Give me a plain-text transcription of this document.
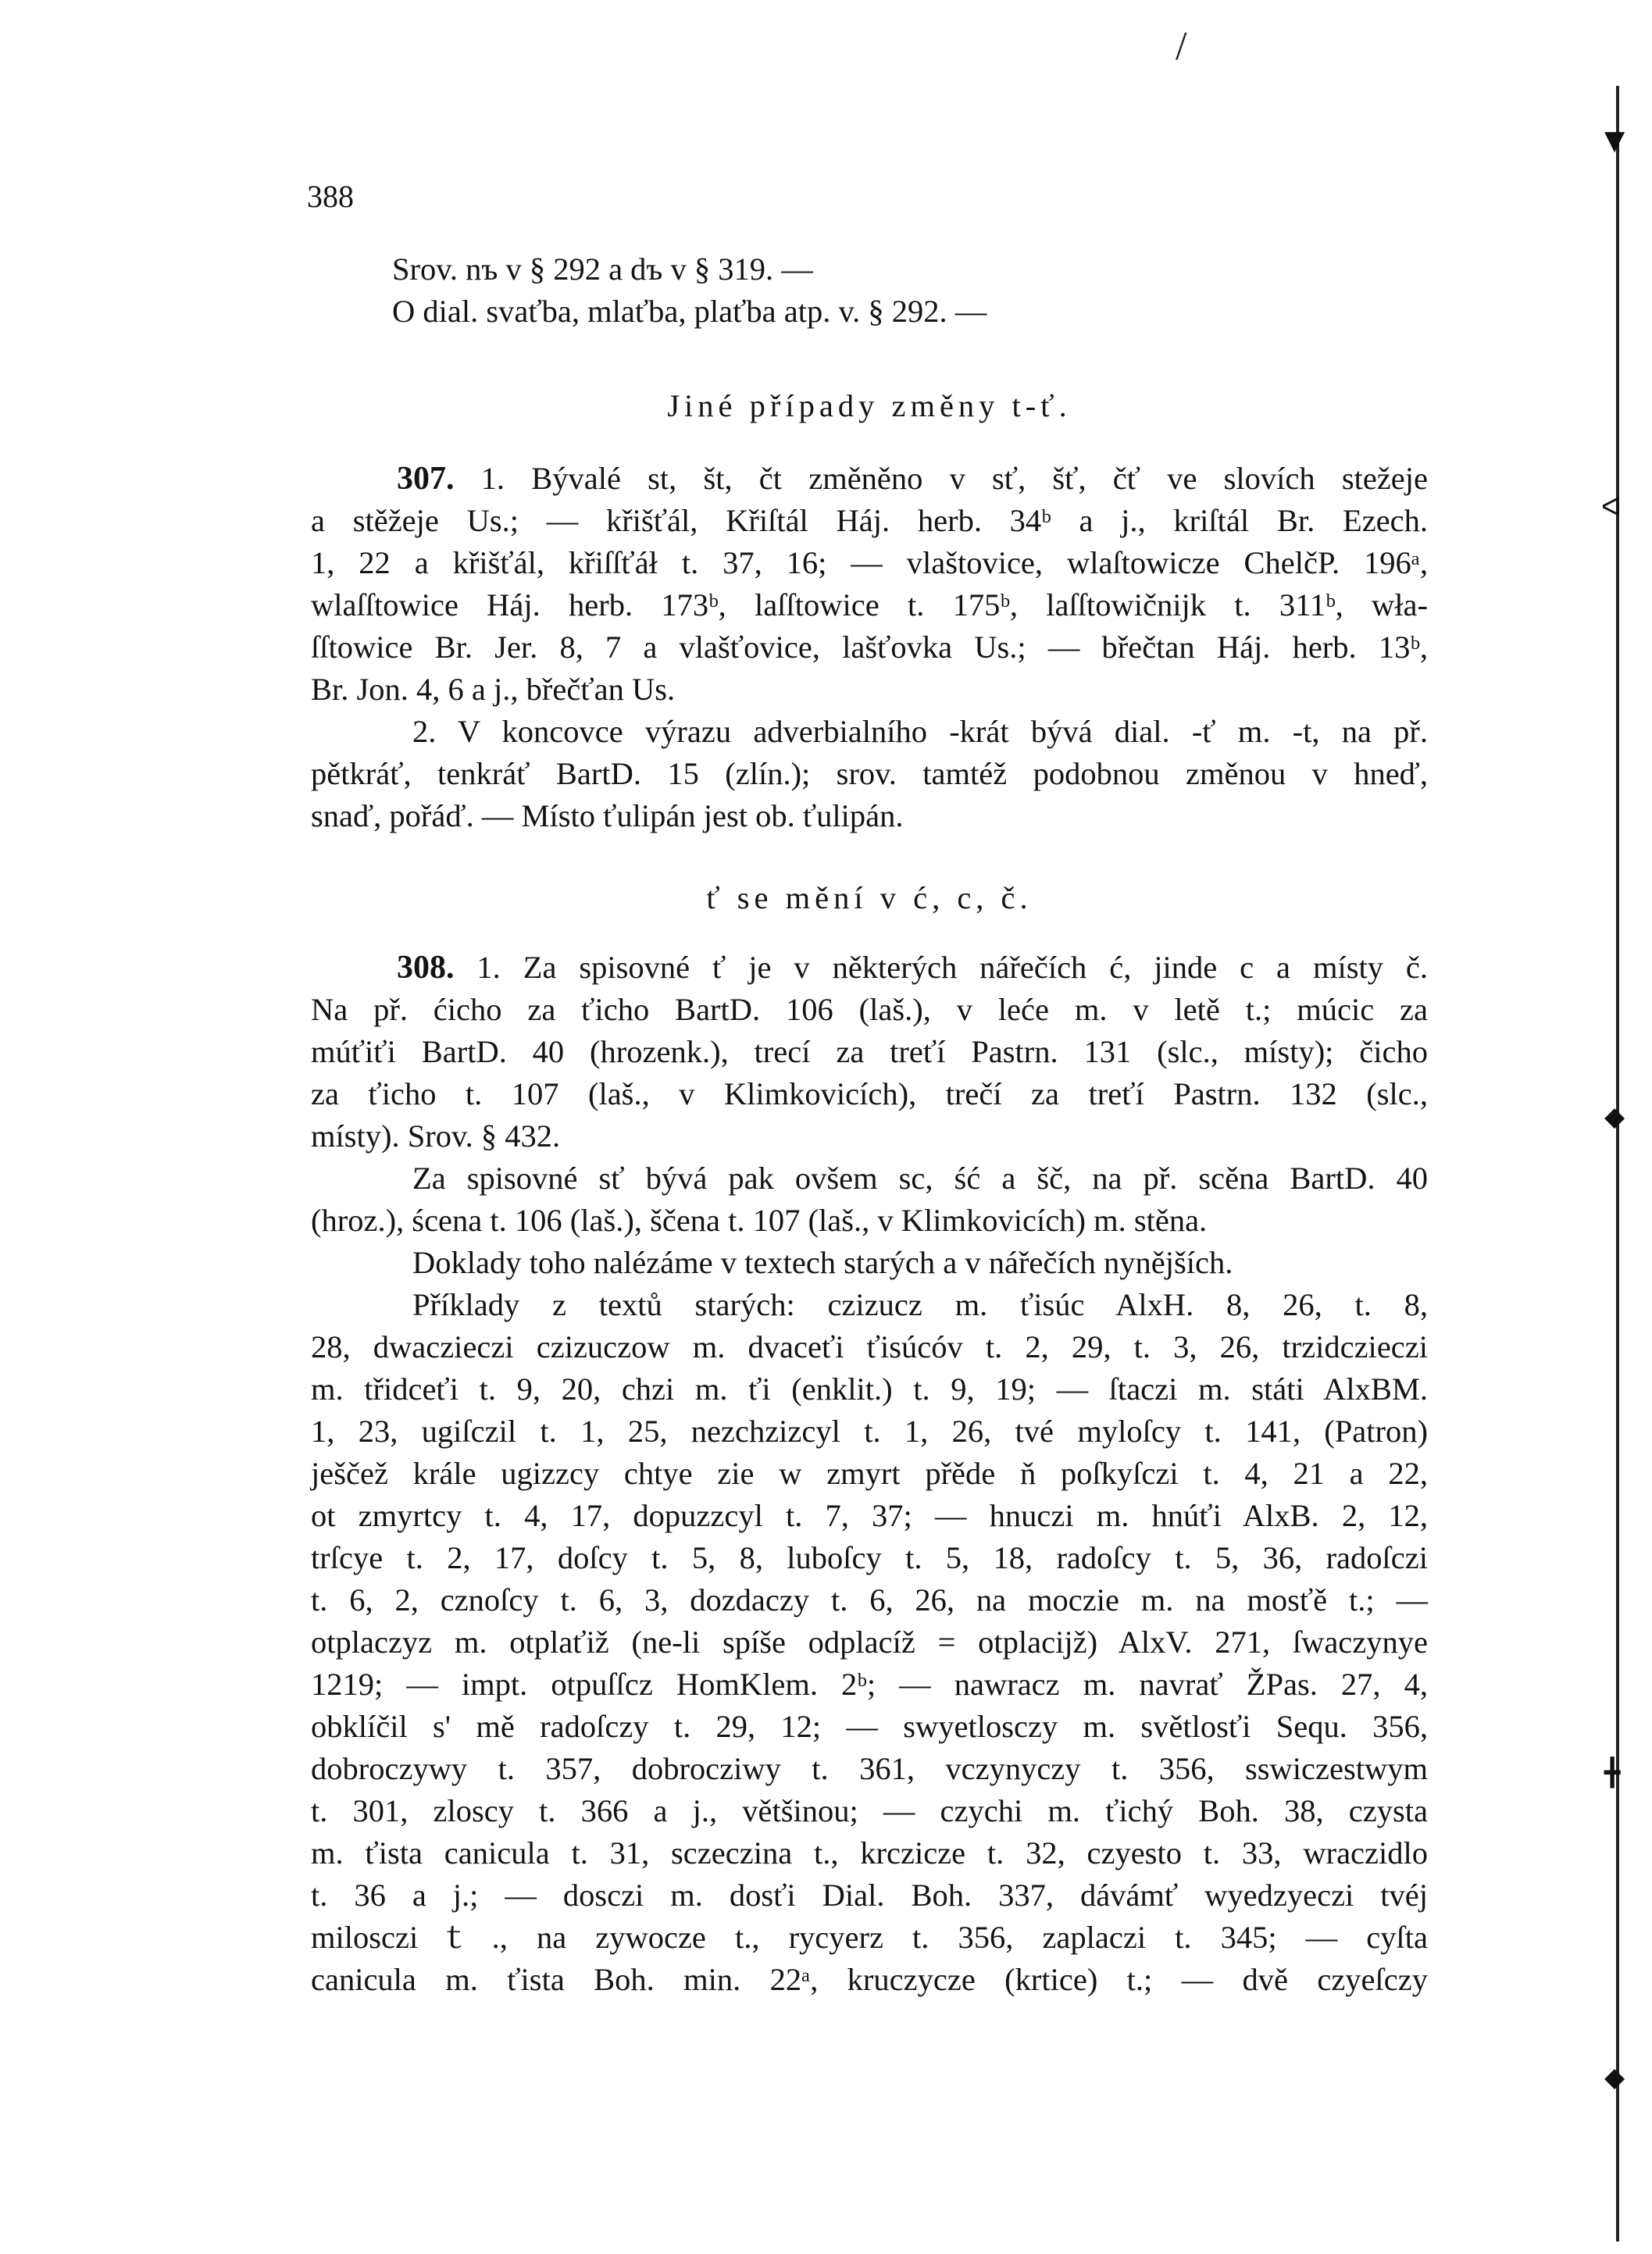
388
Srov. nъ v § 292 a dъ v § 319. —
O dial. svaťba, mlaťba, plaťba atp. v. § 292. —
Jiné případy změny t-ť.
307. 1. Bývalé st, št, čt změněno v sť, šť, čť ve slovích stežeje
a stěžeje Us.; — křišťál, Křiſtál Háj. herb. 34ᵇ a j., kriſtál Br. Ezech.
1, 22 a křišťál, křiſſťáł t. 37, 16; — vlaštovice, wlaſtowicze ChelčP. 196ᵃ,
wlaſſtowice Háj. herb. 173ᵇ, laſſtowice t. 175ᵇ, laſſtowičnijk t. 311ᵇ, wła-
ſſtowice Br. Jer. 8, 7 a vlašťovice, lašťovka Us.; — břečtan Háj. herb. 13ᵇ,
Br. Jon. 4, 6 a j., břečťan Us.
2. V koncovce výrazu adverbialního -krát bývá dial. -ť m. -t, na př.
pětkráť, tenkráť BartD. 15 (zlín.); srov. tamtéž podobnou změnou v hneď,
snaď, pořáď. — Místo ťulipán jest ob. ťulipán.
ť se mění v ć, c, č.
308. 1. Za spisovné ť je v některých nářečích ć, jinde c a místy č.
Na př. ćicho za ťicho BartD. 106 (laš.), v leće m. v letě t.; múcic za
múťiťi BartD. 40 (hrozenk.), trecí za treťí Pastrn. 131 (slc., místy); čicho
za ťicho t. 107 (laš., v Klimkovicích), trečí za treťí Pastrn. 132 (slc.,
místy). Srov. § 432.
Za spisovné sť bývá pak ovšem sc, ść a šč, na př. scěna BartD. 40
(hroz.), ścena t. 106 (laš.), ščena t. 107 (laš., v Klimkovicích) m. stěna.
Doklady toho nalézáme v textech starých a v nářečích nynějších.
Příklady z textů starých: czizucz m. ťisúc AlxH. 8, 26, t. 8,
28, dwaczieczi czizuczow m. dvaceťi ťisúcóv t. 2, 29, t. 3, 26, trzidczieczi
m. třidceťi t. 9, 20, chzi m. ťi (enklit.) t. 9, 19; — ſtaczi m. státi AlxBM.
1, 23, ugiſczil t. 1, 25, nezchzizcyl t. 1, 26, tvé myloſcy t. 141, (Patron)
ješčež krále ugizzcy chtye zie w zmyrt přěde ň poſkyſczi t. 4, 21 a 22,
ot zmyrtcy t. 4, 17, dopuzzcyl t. 7, 37; — hnuczi m. hnúťi AlxB. 2, 12,
trſcye t. 2, 17, doſcy t. 5, 8, luboſcy t. 5, 18, radoſcy t. 5, 36, radoſczi
t. 6, 2, cznoſcy t. 6, 3, dozdaczy t. 6, 26, na moczie m. na mosťě t.; —
otplaczyz m. otplaťiž (ne-li spíše odplacíž = otplacijž) AlxV. 271, ſwaczynye
1219; — impt. otpuſſcz HomKlem. 2ᵇ; — nawracz m. navrať ŽPas. 27, 4,
obklíčil s' mě radoſczy t. 29, 12; — swyetlosczy m. světlosťi Sequ. 356,
dobroczywy t. 357, dobrocziwy t. 361, vczynyczy t. 356, sswiczestwym
t. 301, zloscy t. 366 a j., většinou; — czychi m. ťichý Boh. 38, czysta
m. ťista canicula t. 31, sczeczina t., krczicze t. 32, czyesto t. 33, wraczidlo
t. 36 a j.; — dosczi m. dosťi Dial. Boh. 337, dávámť wyedzyeczi tvéj
miloscziｔ., na zywocze t., rycyerz t. 356, zaplaczi t. 345; — cyſta
canicula m. ťista Boh. min. 22ᵃ, kruczycze (krtice) t.; — dvě czyeſczy
/
▼
ᐊ
◆
╋
◆
